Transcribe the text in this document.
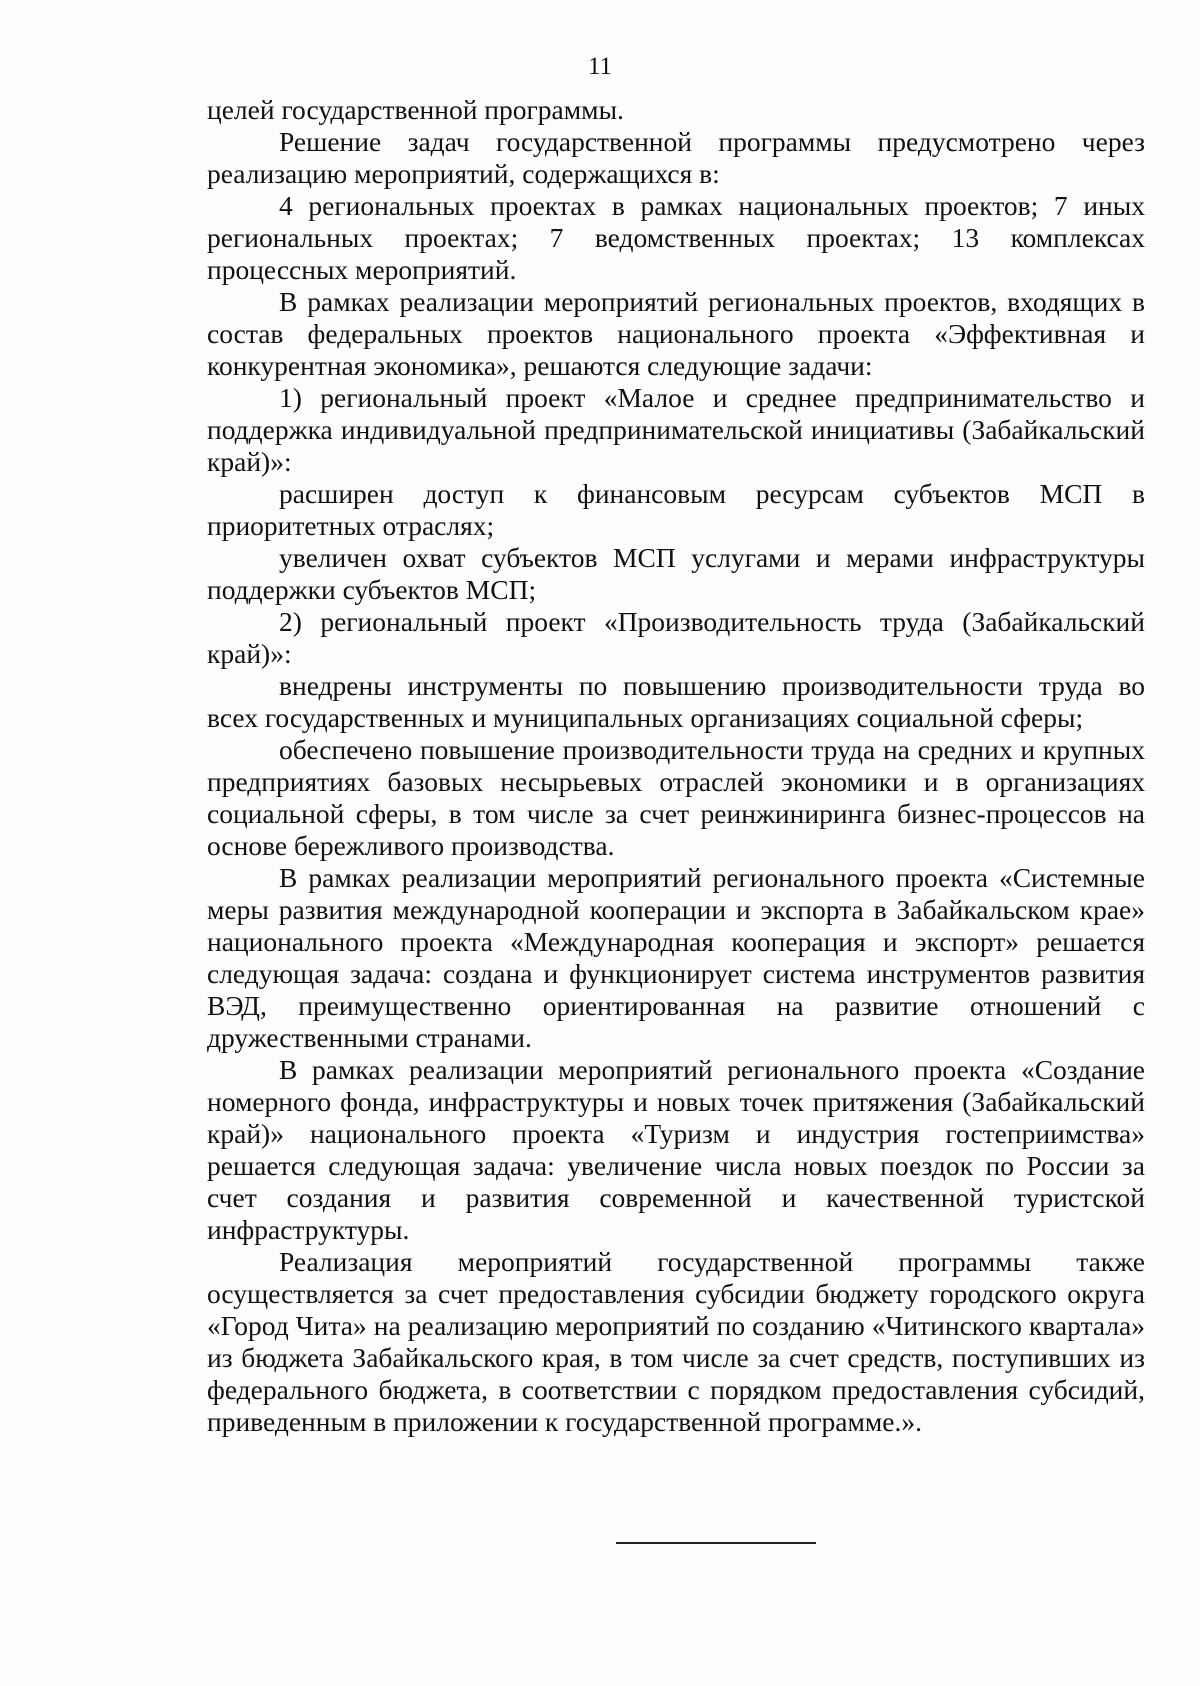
11

целей государственной программы.

Решение задач государственной программы предусмотрено через реализацию мероприятий, содержащихся в:

4 региональных проектах в рамках национальных проектов; 7 иных региональных проектах; 7 ведомственных проектах; 13 комплексах процессных мероприятий.

В рамках реализации мероприятий региональных проектов, входящих в состав федеральных проектов национального проекта «Эффективная и конкурентная экономика», решаются следующие задачи:

1) региональный проект «Малое и среднее предпринимательство и поддержка индивидуальной предпринимательской инициативы (Забайкальский край)»:

расширен доступ к финансовым ресурсам субъектов МСП в приоритетных отраслях;

увеличен охват субъектов МСП услугами и мерами инфраструктуры поддержки субъектов МСП;

2) региональный проект «Производительность труда (Забайкальский край)»:

внедрены инструменты по повышению производительности труда во всех государственных и муниципальных организациях социальной сферы;

обеспечено повышение производительности труда на средних и крупных предприятиях базовых несырьевых отраслей экономики и в организациях социальной сферы, в том числе за счет реинжиниринга бизнес-процессов на основе бережливого производства.

В рамках реализации мероприятий регионального проекта «Системные меры развития международной кооперации и экспорта в Забайкальском крае» национального проекта «Международная кооперация и экспорт» решается следующая задача: создана и функционирует система инструментов развития ВЭД, преимущественно ориентированная на развитие отношений с дружественными странами.

В рамках реализации мероприятий регионального проекта «Создание номерного фонда, инфраструктуры и новых точек притяжения (Забайкальский край)» национального проекта «Туризм и индустрия гостеприимства» решается следующая задача: увеличение числа новых поездок по России за счет создания и развития современной и качественной туристской инфраструктуры.

Реализация мероприятий государственной программы также осуществляется за счет предоставления субсидии бюджету городского округа «Город Чита» на реализацию мероприятий по созданию «Читинского квартала» из бюджета Забайкальского края, в том числе за счет средств, поступивших из федерального бюджета, в соответствии с порядком предоставления субсидий, приведенным в приложении к государственной программе.».
